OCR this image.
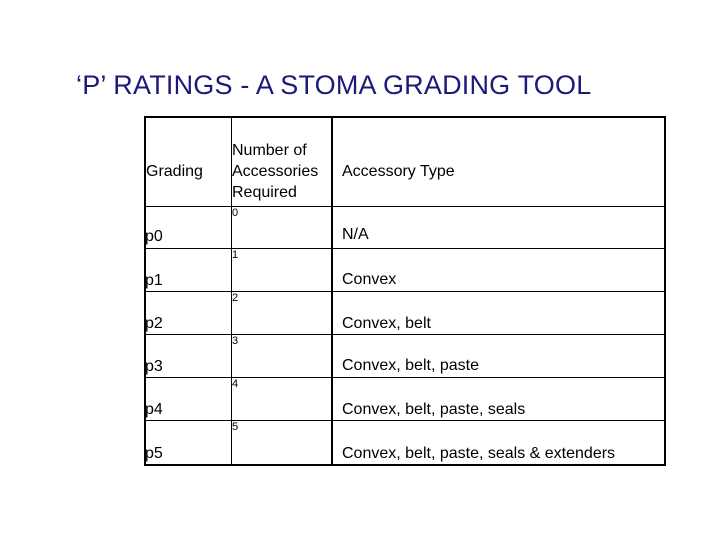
‘P’ RATINGS - A STOMA GRADING TOOL
Grading
Number of
Accessories
Required
Accessory Type
p0
0
N/A
p1
1
Convex
p2
2
Convex, belt
p3
3
Convex, belt, paste
p4
4
Convex, belt, paste, seals
p5
5
Convex, belt, paste, seals & extenders
